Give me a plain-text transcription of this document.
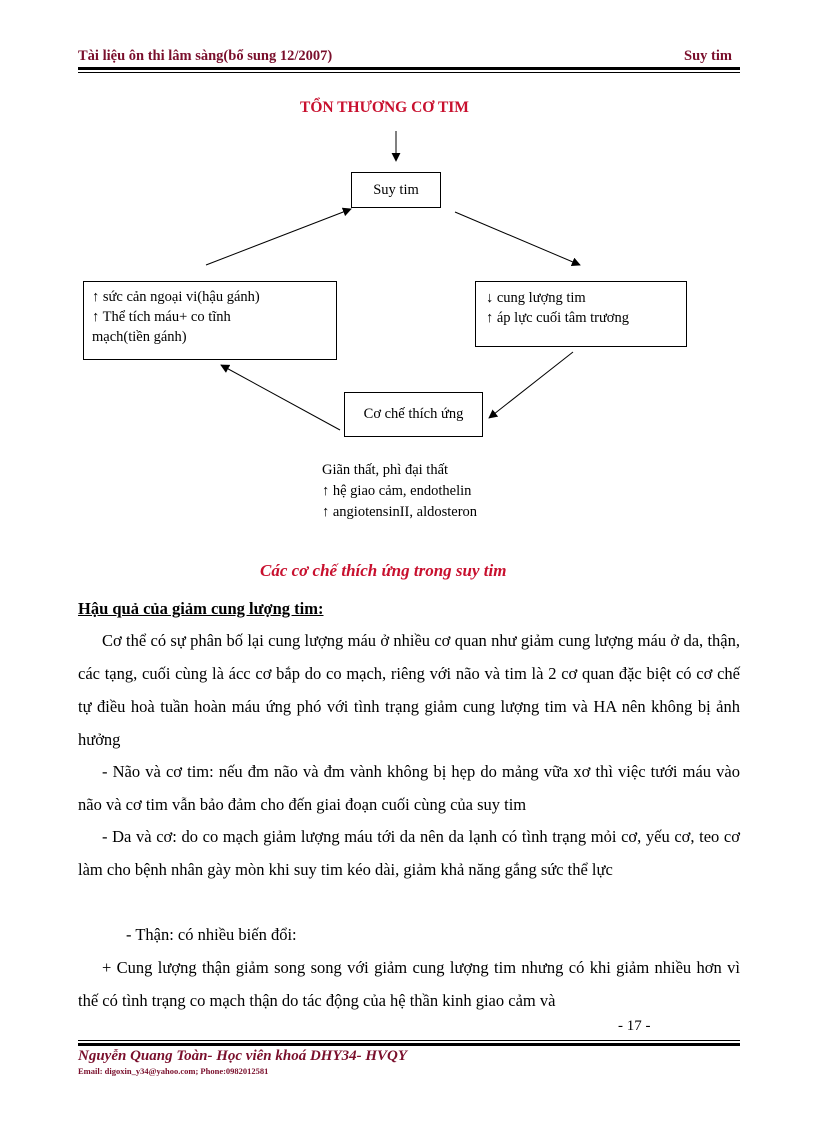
Tài liệu ôn thi lâm sàng(bổ sung 12/2007)	Suy tim
TỔN THƯƠNG CƠ TIM
Suy tim
↑ sức cản ngoại vi(hậu gánh)
↑ Thể tích máu+ co tĩnh
mạch(tiền gánh)
↓ cung lượng tim
↑ áp lực cuối tâm trương
Cơ chế thích ứng
Giãn thất, phì đại thất
↑ hệ giao cảm, endothelin
↑ angiotensinII, aldosteron
Các cơ chế thích ứng trong suy tim
Hậu quả của giảm cung lượng tim:
Cơ thể có sự phân bố lại cung lượng máu ở nhiều cơ quan như giảm cung lượng máu ở da, thận, các tạng, cuối cùng là ácc cơ bắp do co mạch, riêng với não và tim là 2 cơ quan đặc biệt có cơ chế tự điều hoà tuần hoàn máu ứng phó với tình trạng giảm cung lượng tim và HA nên không bị ảnh hưởng
- Não và cơ tim: nếu đm não và đm vành không bị hẹp do mảng vữa xơ thì việc tưới máu vào não và cơ tim vẫn bảo đảm cho đến giai đoạn cuối cùng của suy tim
- Da và cơ: do co mạch giảm lượng máu tới da nên da lạnh có tình trạng mỏi cơ, yếu cơ, teo cơ làm cho bệnh nhân gày mòn khi suy tim kéo dài, giảm khả năng gắng sức thể lực
- Thận: có nhiều biến đổi:
+ Cung lượng thận giảm song song với giảm cung lượng tim nhưng có khi giảm nhiều hơn vì thế có tình trạng co mạch thận do tác động của hệ thần kinh giao cảm và
- 17 -
Nguyễn Quang Toàn- Học viên khoá DHY34- HVQY
Email: digoxin_y34@yahoo.com; Phone:0982012581
